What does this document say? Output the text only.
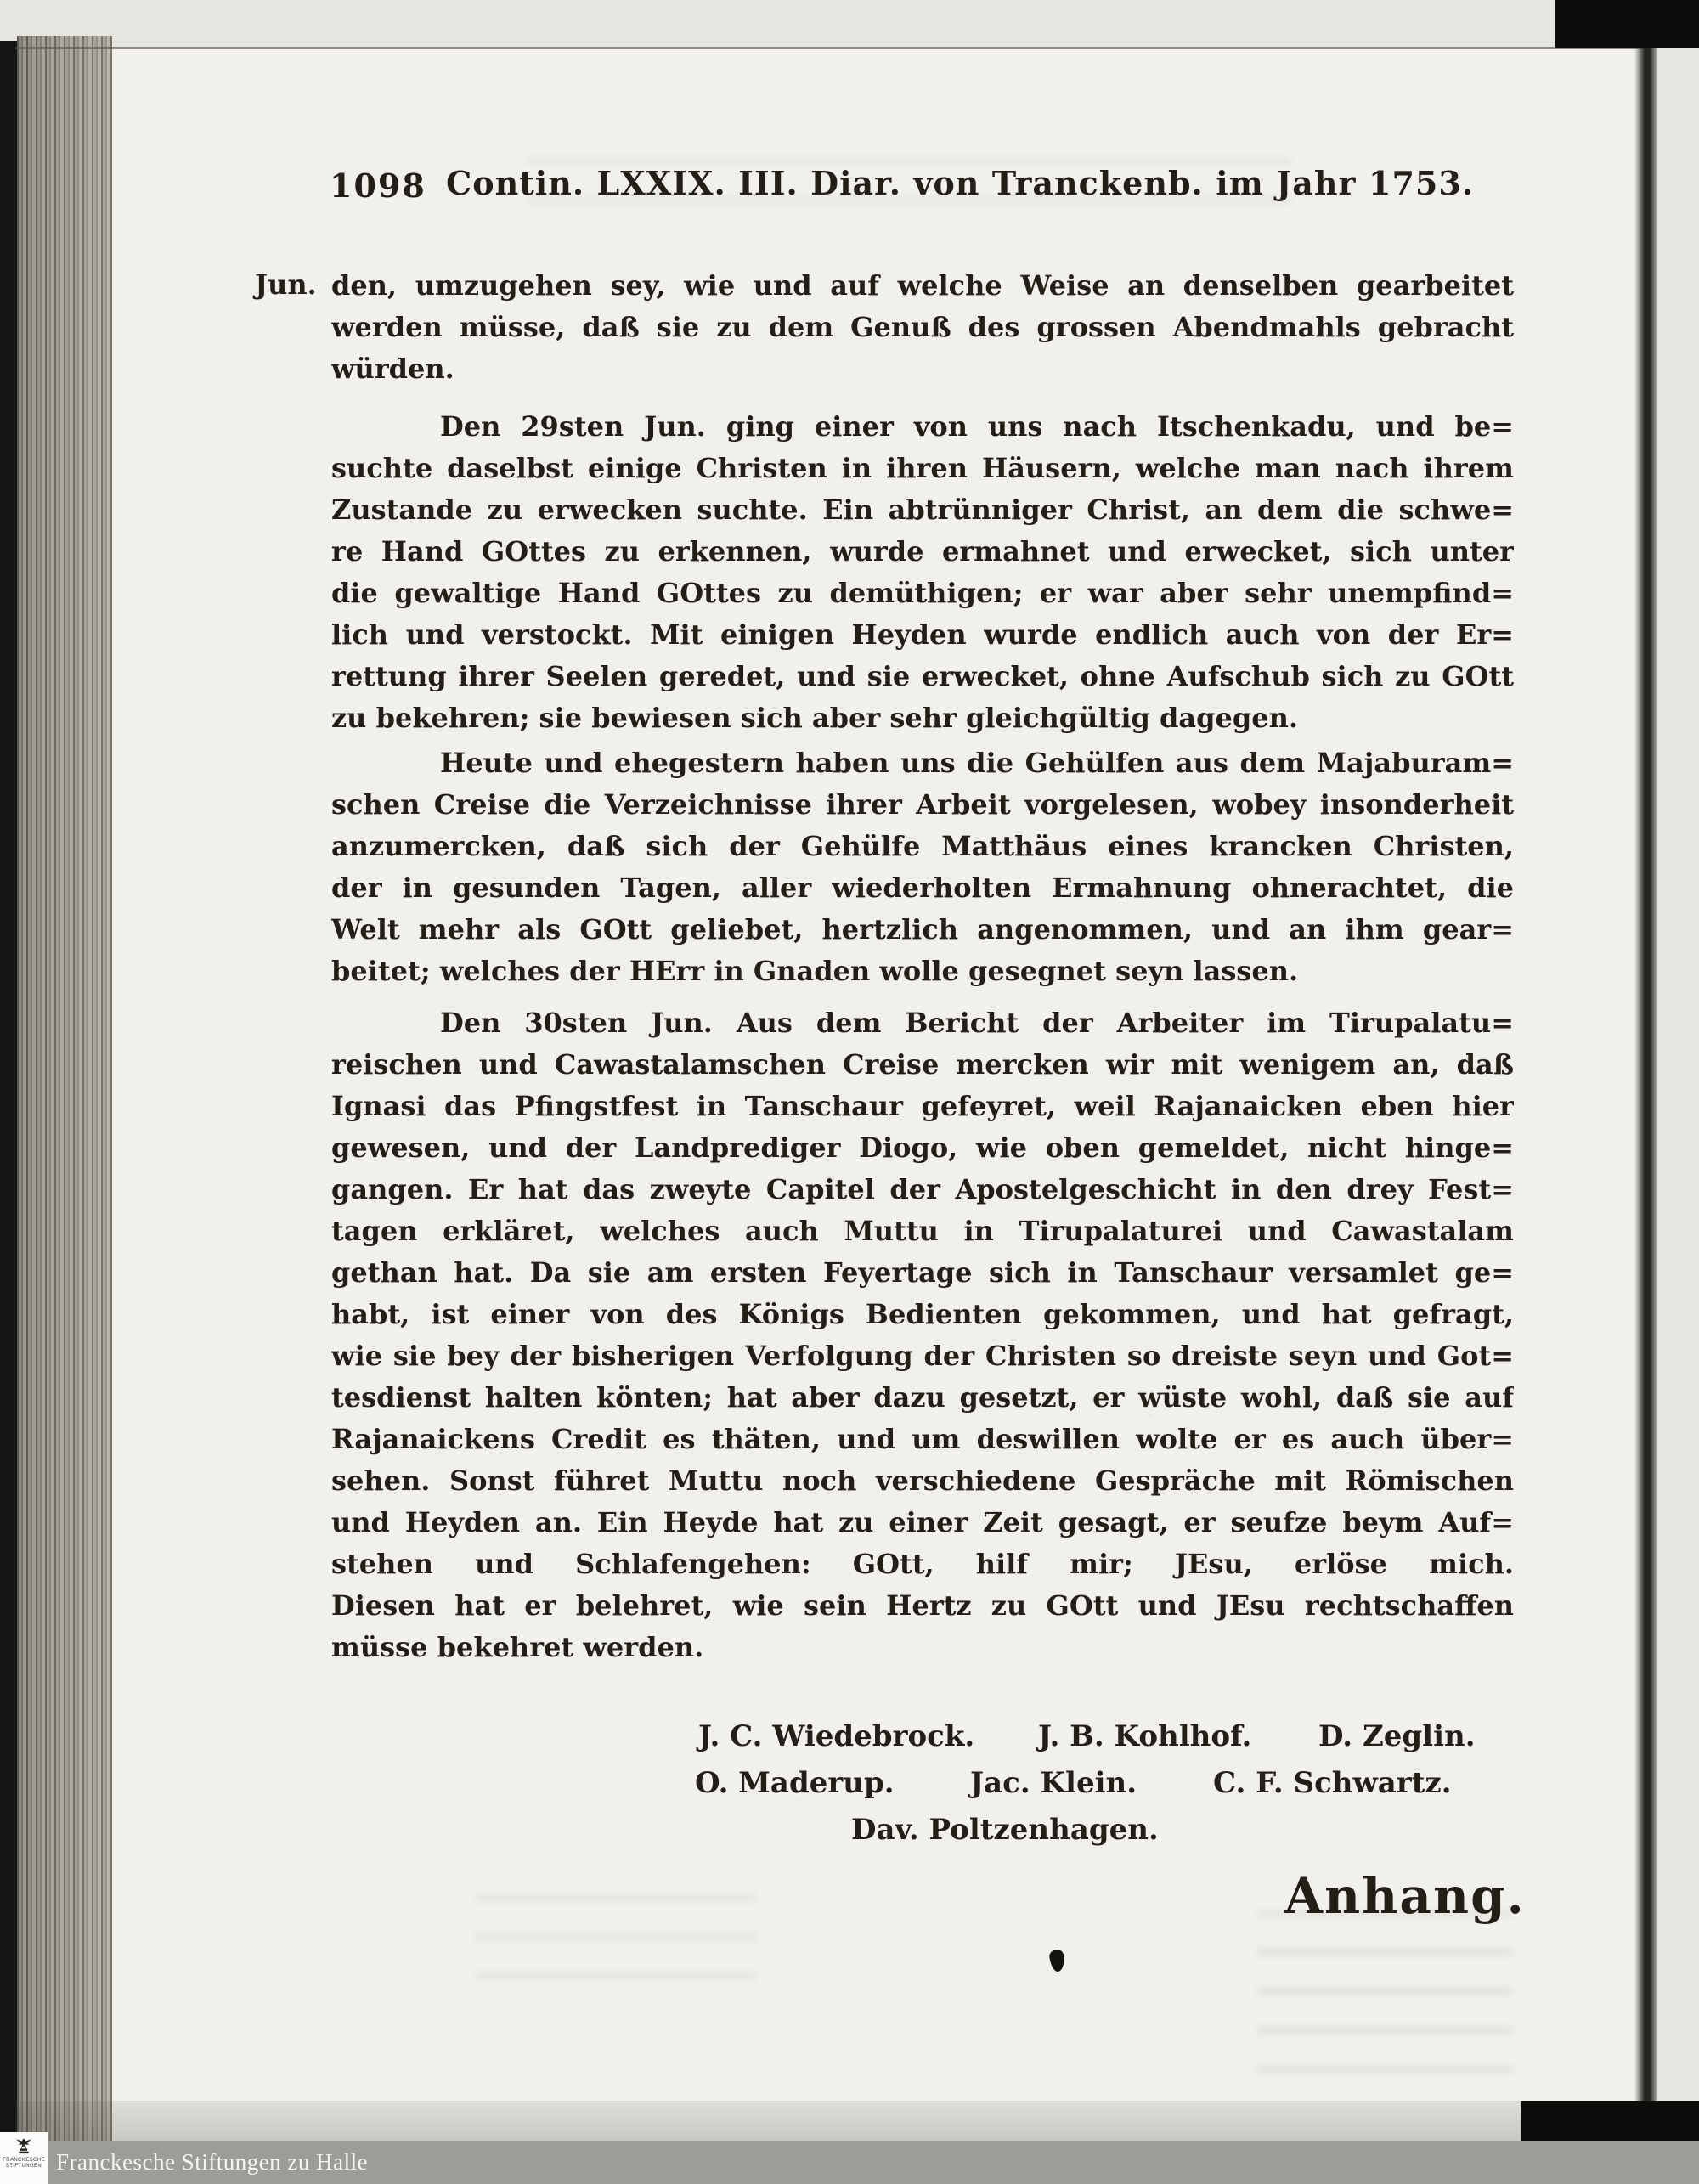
1098 Contin. LXXIX. III. Diar. von Tranckenb. im Jahr 1753.
Jun. den, umzugehen sey, wie und auf welche Weise an denselben gearbeitet
werden müsse, daß sie zu dem Genuß des grossen Abendmahls gebracht
würden.
Den 29sten Jun. ging einer von uns nach Itschenkadu, und be=
suchte daselbst einige Christen in ihren Häusern, welche man nach ihrem
Zustande zu erwecken suchte. Ein abtrünniger Christ, an dem die schwe=
re Hand GOttes zu erkennen, wurde ermahnet und erwecket, sich unter
die gewaltige Hand GOttes zu demüthigen; er war aber sehr unempfind=
lich und verstockt. Mit einigen Heyden wurde endlich auch von der Er=
rettung ihrer Seelen geredet, und sie erwecket, ohne Aufschub sich zu GOtt
zu bekehren; sie bewiesen sich aber sehr gleichgültig dagegen.
Heute und ehegestern haben uns die Gehülfen aus dem Majaburam=
schen Creise die Verzeichnisse ihrer Arbeit vorgelesen, wobey insonderheit
anzumercken, daß sich der Gehülfe Matthäus eines krancken Christen,
der in gesunden Tagen, aller wiederholten Ermahnung ohnerachtet, die
Welt mehr als GOtt geliebet, hertzlich angenommen, und an ihm gear=
beitet; welches der HErr in Gnaden wolle gesegnet seyn lassen.
Den 30sten Jun. Aus dem Bericht der Arbeiter im Tirupalatu=
reischen und Cawastalamschen Creise mercken wir mit wenigem an, daß
Ignasi das Pfingstfest in Tanschaur gefeyret, weil Rajanaicken eben hier
gewesen, und der Landprediger Diogo, wie oben gemeldet, nicht hinge=
gangen. Er hat das zweyte Capitel der Apostelgeschicht in den drey Fest=
tagen erkläret, welches auch Muttu in Tirupalaturei und Cawastalam
gethan hat. Da sie am ersten Feyertage sich in Tanschaur versamlet ge=
habt, ist einer von des Königs Bedienten gekommen, und hat gefragt,
wie sie bey der bisherigen Verfolgung der Christen so dreiste seyn und Got=
tesdienst halten könten; hat aber dazu gesetzt, er wüste wohl, daß sie auf
Rajanaickens Credit es thäten, und um deswillen wolte er es auch über=
sehen. Sonst führet Muttu noch verschiedene Gespräche mit Römischen
und Heyden an. Ein Heyde hat zu einer Zeit gesagt, er seufze beym Auf=
stehen und Schlafengehen: GOtt, hilf mir; JEsu, erlöse mich.
Diesen hat er belehret, wie sein Hertz zu GOtt und JEsu rechtschaffen
müsse bekehret werden.
J. C. Wiedebrock. J. B. Kohlhof. D. Zeglin.
O. Maderup.	Jac. Klein.	C. F. Schwartz.
Dav. Poltzenhagen.
Anhang.
FRANCKESCHE
STIFTUNGEN Franckesche Stiftungen zu Halle
